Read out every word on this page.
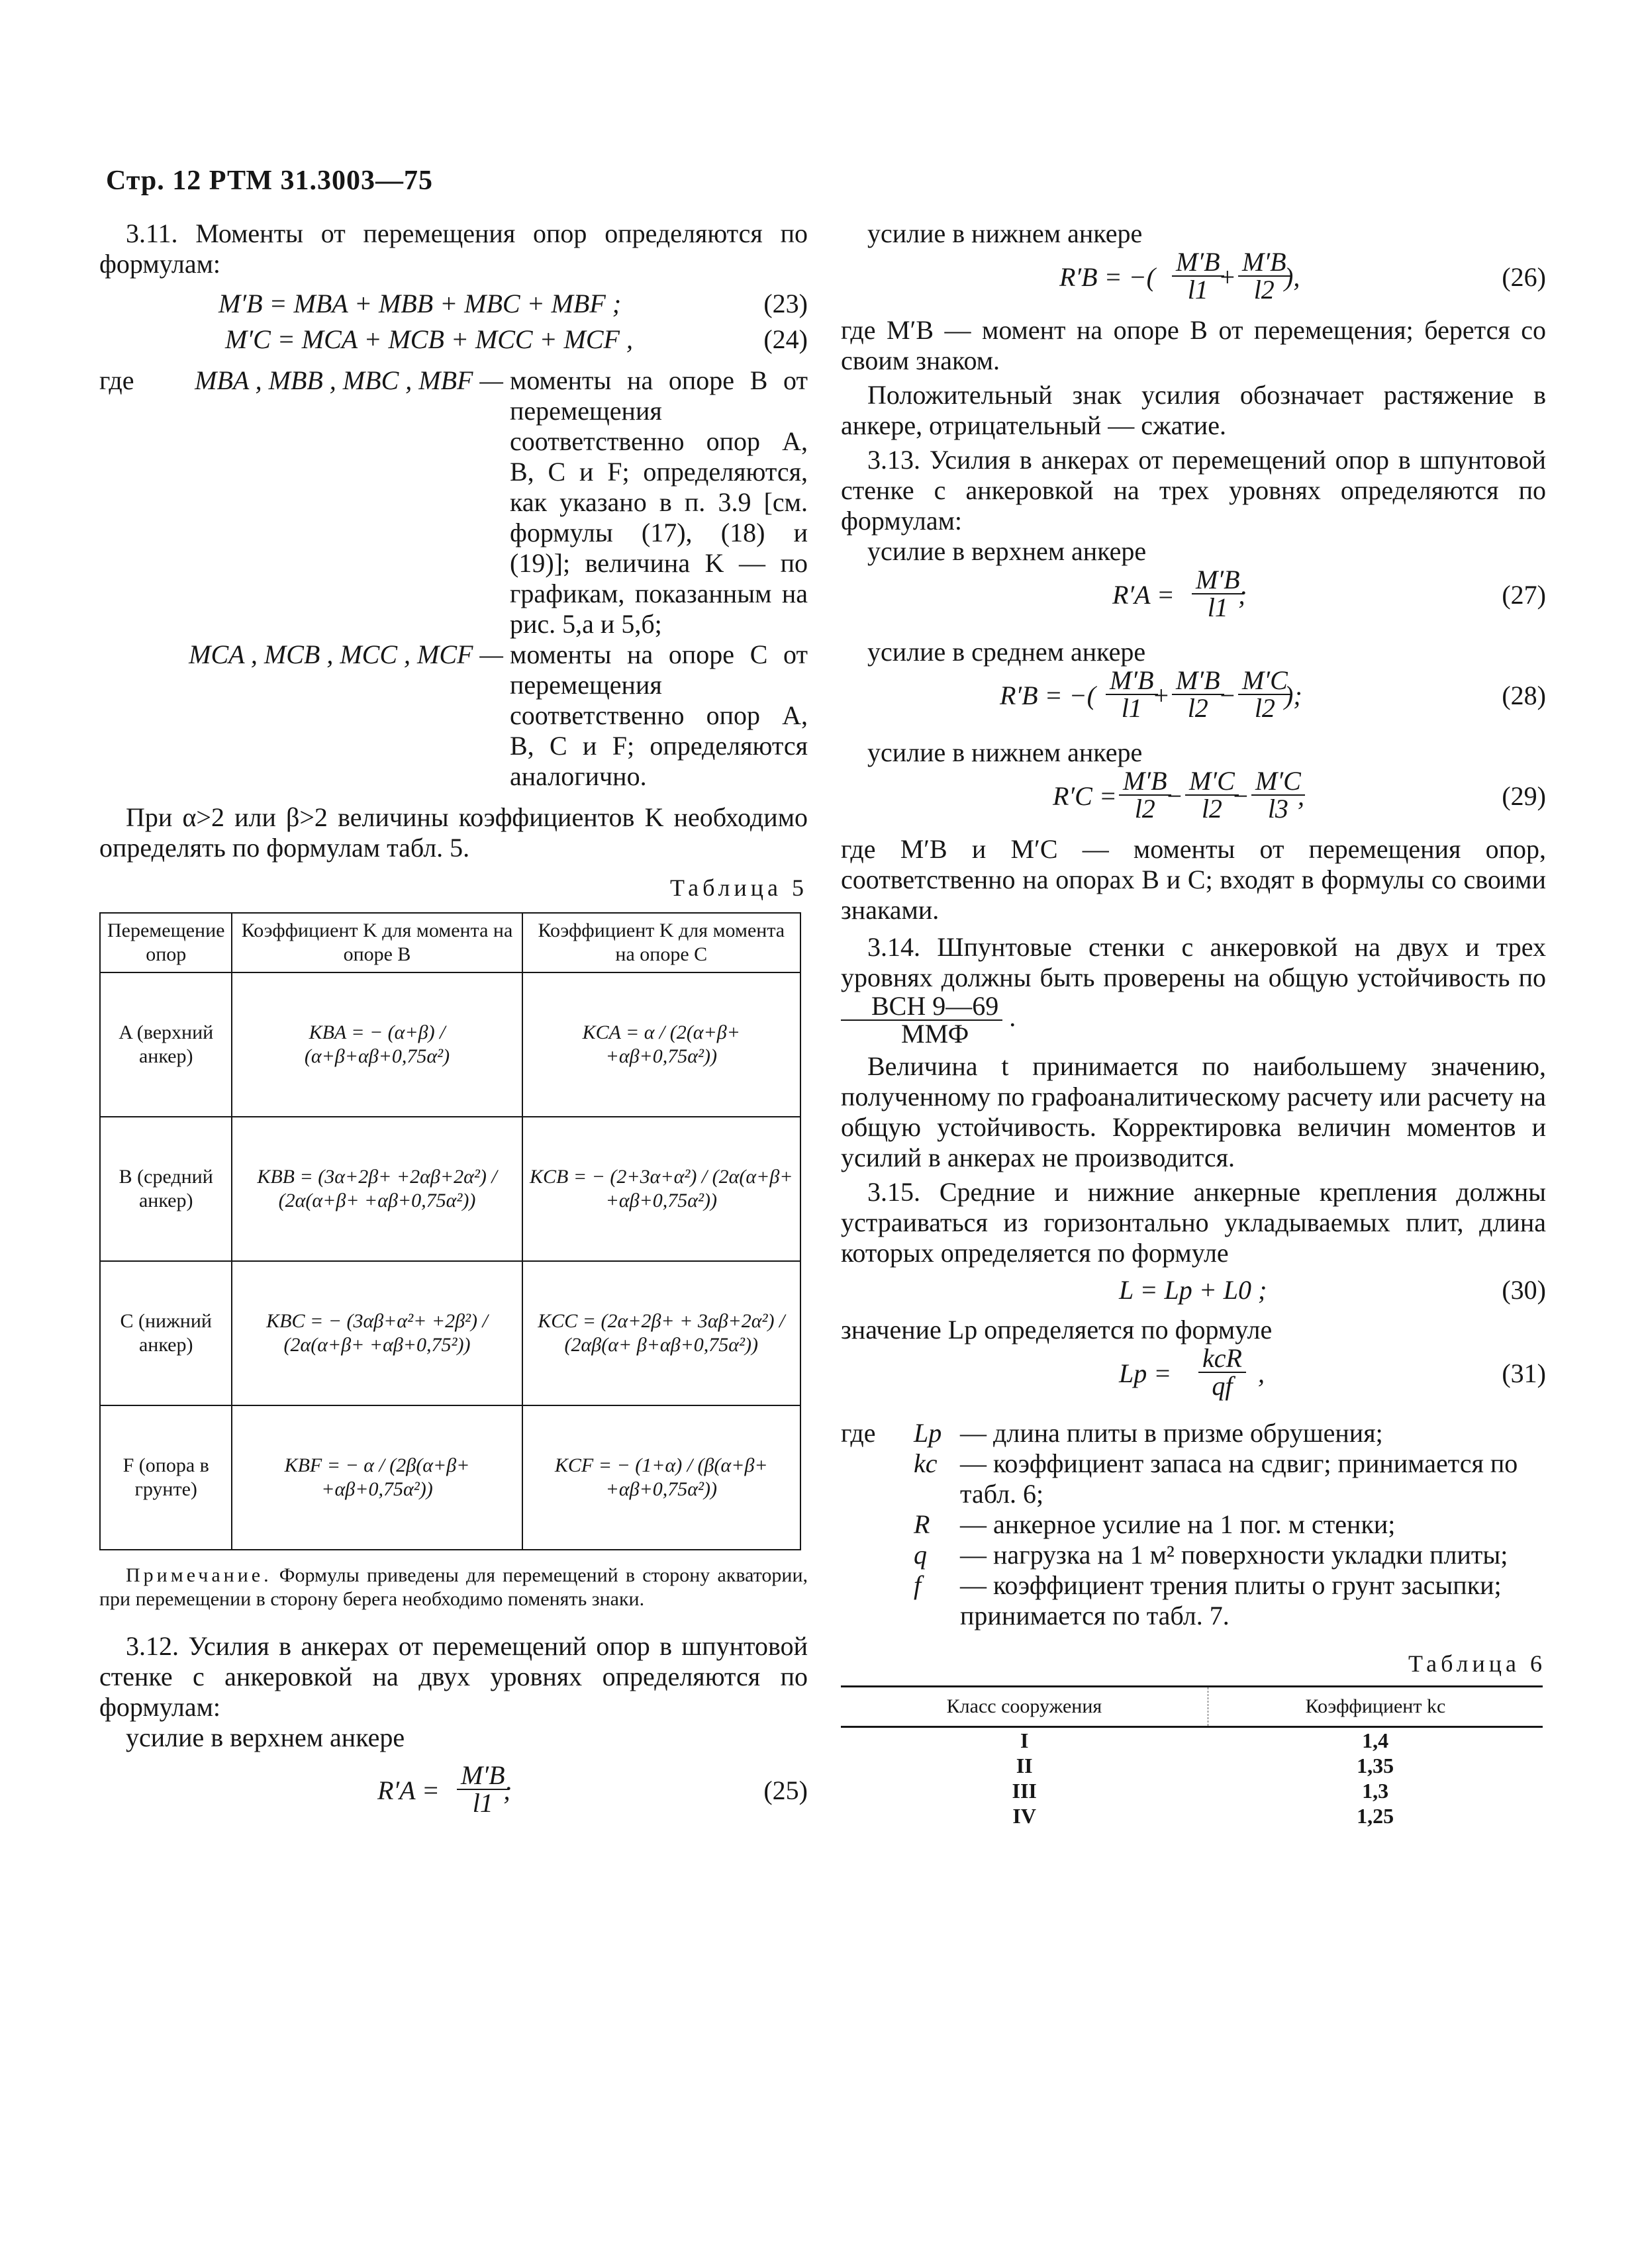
Стр. 12 РТМ 31.3003—75

3.11. Моменты от перемещения опор определяются по формулам:

M′B = MBA + MBB + MBC + MBF ;	(23)
M′C = MCA + MCB + MCC + MCF ,	(24)
где	MBA , MBB , MBC , MBF — моменты на опоре B от перемещения соответственно опор A, B, C и F; определяются, как указано в п. 3.9 [см. формулы (17), (18) и (19)]; величина K — по графикам, показанным на рис. 5,а и 5,б;
MCA , MCB , MCC , MCF — моменты на опоре C от перемещения соответственно опор A, B, C и F; определяются аналогично.

При α>2 или β>2 величины коэффициентов K необходимо определять по формулам табл. 5.

Таблица 5
Перемещение опор	Коэффициент K для момента на опоре B	Коэффициент K для момента на опоре C
A (верхний анкер)	KBA = − (α+β) / (α+β+αβ+0,75α²)	KCA = α / (2(α+β+ +αβ+0,75α²))
B (средний анкер)	KBB = (3α+2β+ +2αβ+2α²) / (2α(α+β+ +αβ+0,75α²))	KCB = − (2+3α+α²) / (2α(α+β+ +αβ+0,75α²))
C (нижний анкер)	KBC = − (3αβ+α²+ +2β²) / (2α(α+β+ +αβ+0,75²))	KCC = (2α+2β+ + 3αβ+2α²) / (2αβ(α+ β+αβ+0,75α²))
F (опора в грунте)	KBF = − α / (2β(α+β+ +αβ+0,75α²))	KCF = − (1+α) / (β(α+β+ +αβ+0,75α²))

Примечание. Формулы приведены для перемещений в сторону акватории, при перемещении в сторону берега необходимо поменять знаки.

3.12. Усилия в анкерах от перемещений опор в шпунтовой стенке с анкеровкой на двух уровнях определяются по формулам:

усилие в верхнем анкере

$R'A = \frac{M'B}{l1}$
;	(25)

усилие в нижнем анкере

R′B = −( $\frac{M'B}{l1}$
+ $\frac{M'B}{l2}$
),	(26)

где M′B — момент на опоре B от перемещения; берется со своим знаком.

Положительный знак усилия обозначает растяжение в анкере, отрицательный — сжатие.

3.13. Усилия в анкерах от перемещений опор в шпунтовой стенке с анкеровкой на трех уровнях определяются по формулам:

усилие в верхнем анкере

$R'A = \frac{M'B}{l1}$
;	(27)

усилие в среднем анкере

R′B = −( $\frac{M'B}{l1}$
+ $\frac{M'B}{l2}$
− $\frac{M'C}{l2}$
);	(28)

усилие в нижнем анкере

$R'C = \frac{M'B}{l2}$
− $\frac{M'C}{l2}$
− $\frac{M'C}{l3}$
,	(29)

где M′B и M′C — моменты от перемещения опор, соответственно на опорах B и C; входят в формулы со своими знаками.

3.14. Шпунтовые стенки с анкеровкой на двух и трех уровнях должны быть проверены на общую устойчивость по
$\frac{\text{ВСН 9—69}}{\text{ММФ}}$ .

Величина t принимается по наибольшему значению, полученному по графоаналитическому расчету или расчету на общую устойчивость. Корректировка величин моментов и усилий в анкерах не производится.

3.15. Средние и нижние анкерные крепления должны устраиваться из горизонтально укладываемых плит, длина которых определяется по формуле

L = Lp + L0 ;	(30)

значение Lp определяется по формуле

Lp =
kcR
qf ,	(31)
где	Lp — длина плиты в призме обрушения;
kc — коэффициент запаса на сдвиг; принимается по табл. 6;
R	— анкерное усилие на 1 пог. м стенки;
q	— нагрузка на 1 м² поверхности укладки плиты;
f	— коэффициент трения плиты о грунт засыпки; принимается по табл. 7.
Таблица 6
Класс сооружения	Коэффициент kc
I	1,4
II	1,35
III	1,3
IV	1,25
